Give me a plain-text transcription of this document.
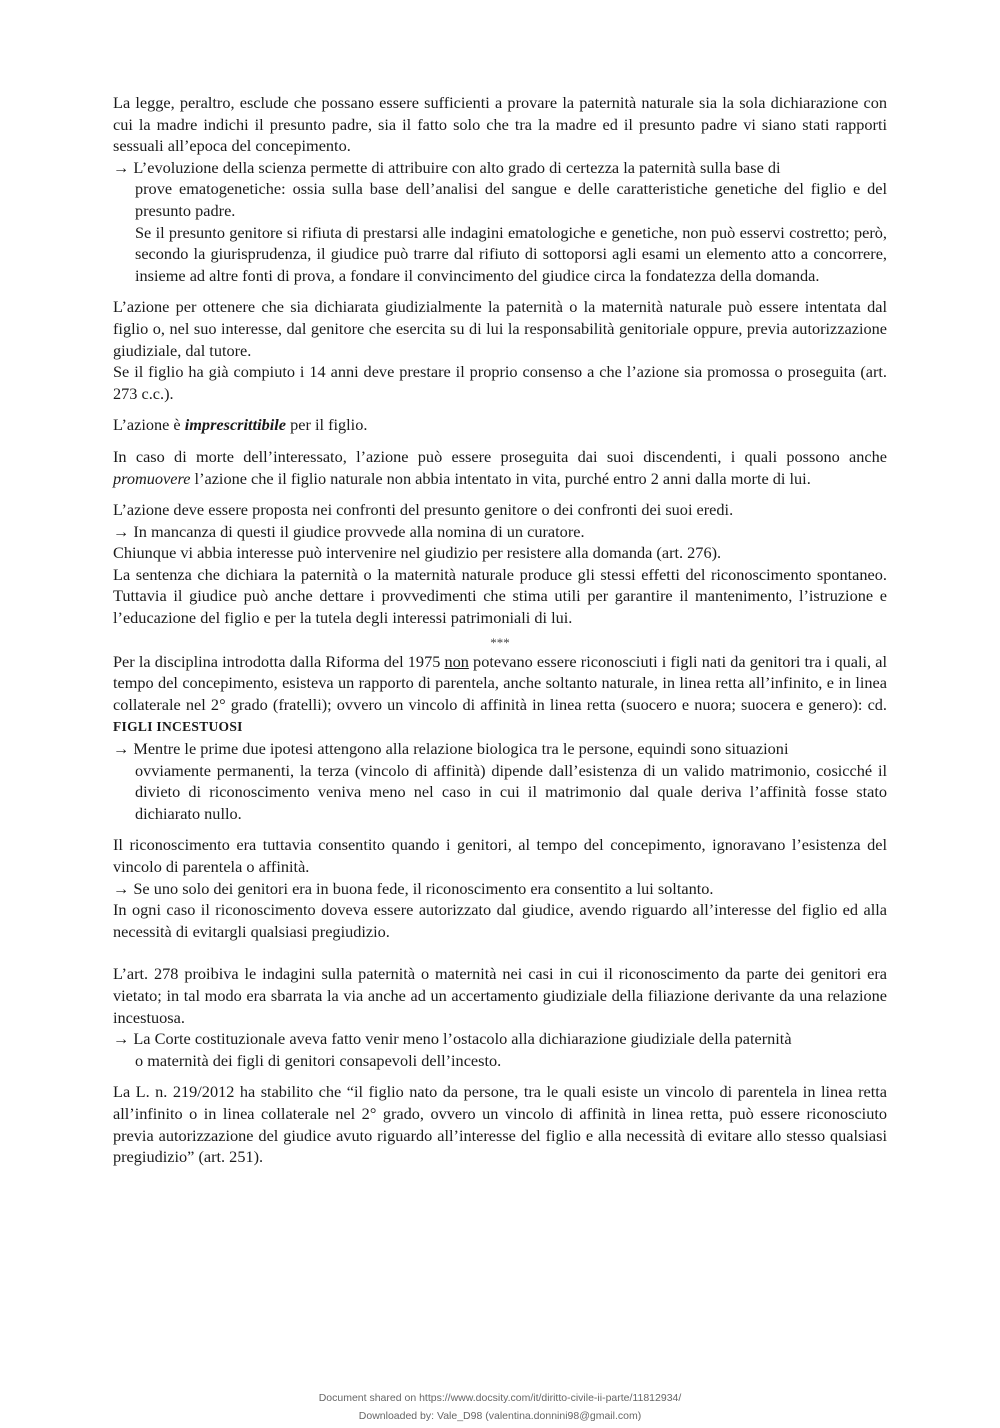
La legge, peraltro, esclude che possano essere sufficienti a provare la paternità naturale sia la sola dichiarazione con cui la madre indichi il presunto padre, sia il fatto solo che tra la madre ed il presunto padre vi siano stati rapporti sessuali all’epoca del concepimento.

→ L’evoluzione della scienza permette di attribuire con alto grado di certezza la paternità sulla base di

prove ematogenetiche: ossia sulla base dell’analisi del sangue e delle caratteristiche genetiche del figlio e del presunto padre.

Se il presunto genitore si rifiuta di prestarsi alle indagini ematologiche e genetiche, non può esservi costretto; però, secondo la giurisprudenza, il giudice può trarre dal rifiuto di sottoporsi agli esami un elemento atto a concorrere, insieme ad altre fonti di prova, a fondare il convincimento del giudice circa la fondatezza della domanda.

L’azione per ottenere che sia dichiarata giudizialmente la paternità o la maternità naturale può essere intentata dal figlio o, nel suo interesse, dal genitore che esercita su di lui la responsabilità genitoriale oppure, previa autorizzazione giudiziale, dal tutore.

Se il figlio ha già compiuto i 14 anni deve prestare il proprio consenso a che l’azione sia promossa o proseguita (art. 273 c.c.).

L’azione è imprescrittibile per il figlio.

In caso di morte dell’interessato, l’azione può essere proseguita dai suoi discendenti, i quali possono anche promuovere l’azione che il figlio naturale non abbia intentato in vita, purché entro 2 anni dalla morte di lui.

L’azione deve essere proposta nei confronti del presunto genitore o dei confronti dei suoi eredi.

→ In mancanza di questi il giudice provvede alla nomina di un curatore.

Chiunque vi abbia interesse può intervenire nel giudizio per resistere alla domanda (art. 276).

La sentenza che dichiara la paternità o la maternità naturale produce gli stessi effetti del riconoscimento spontaneo. Tuttavia il giudice può anche dettare i provvedimenti che stima utili per garantire il mantenimento, l’istruzione e l’educazione del figlio e per la tutela degli interessi patrimoniali di lui.

***

Per la disciplina introdotta dalla Riforma del 1975 non potevano essere riconosciuti i figli nati da genitori tra i quali, al tempo del concepimento, esisteva un rapporto di parentela, anche soltanto naturale, in linea retta all’infinito, e in linea collaterale nel 2° grado (fratelli); ovvero un vincolo di affinità in linea retta (suocero e nuora; suocera e genero): cd. FIGLI INCESTUOSI

→ Mentre le prime due ipotesi attengono alla relazione biologica tra le persone, equindi sono situazioni

ovviamente permanenti, la terza (vincolo di affinità) dipende dall’esistenza di un valido matrimonio, cosicché il divieto di riconoscimento veniva meno nel caso in cui il matrimonio dal quale deriva l’affinità fosse stato dichiarato nullo.

Il riconoscimento era tuttavia consentito quando i genitori, al tempo del concepimento, ignoravano l’esistenza del vincolo di parentela o affinità.

→ Se uno solo dei genitori era in buona fede, il riconoscimento era consentito a lui soltanto.

In ogni caso il riconoscimento doveva essere autorizzato dal giudice, avendo riguardo all’interesse del figlio ed alla necessità di evitargli qualsiasi pregiudizio.

L’art. 278 proibiva le indagini sulla paternità o maternità nei casi in cui il riconoscimento da parte dei genitori era vietato; in tal modo era sbarrata la via anche ad un accertamento giudiziale della filiazione derivante da una relazione incestuosa.

→ La Corte costituzionale aveva fatto venir meno l’ostacolo alla dichiarazione giudiziale della paternità

o maternità dei figli di genitori consapevoli dell’incesto.

La L. n. 219/2012 ha stabilito che “il figlio nato da persone, tra le quali esiste un vincolo di parentela in linea retta all’infinito o in linea collaterale nel 2° grado, ovvero un vincolo di affinità in linea retta, può essere riconosciuto previa autorizzazione del giudice avuto riguardo all’interesse del figlio e alla necessità di evitare allo stesso qualsiasi pregiudizio” (art. 251).

Document shared on https://www.docsity.com/it/diritto-civile-ii-parte/11812934/
Downloaded by: Vale_D98 (valentina.donnini98@gmail.com)
